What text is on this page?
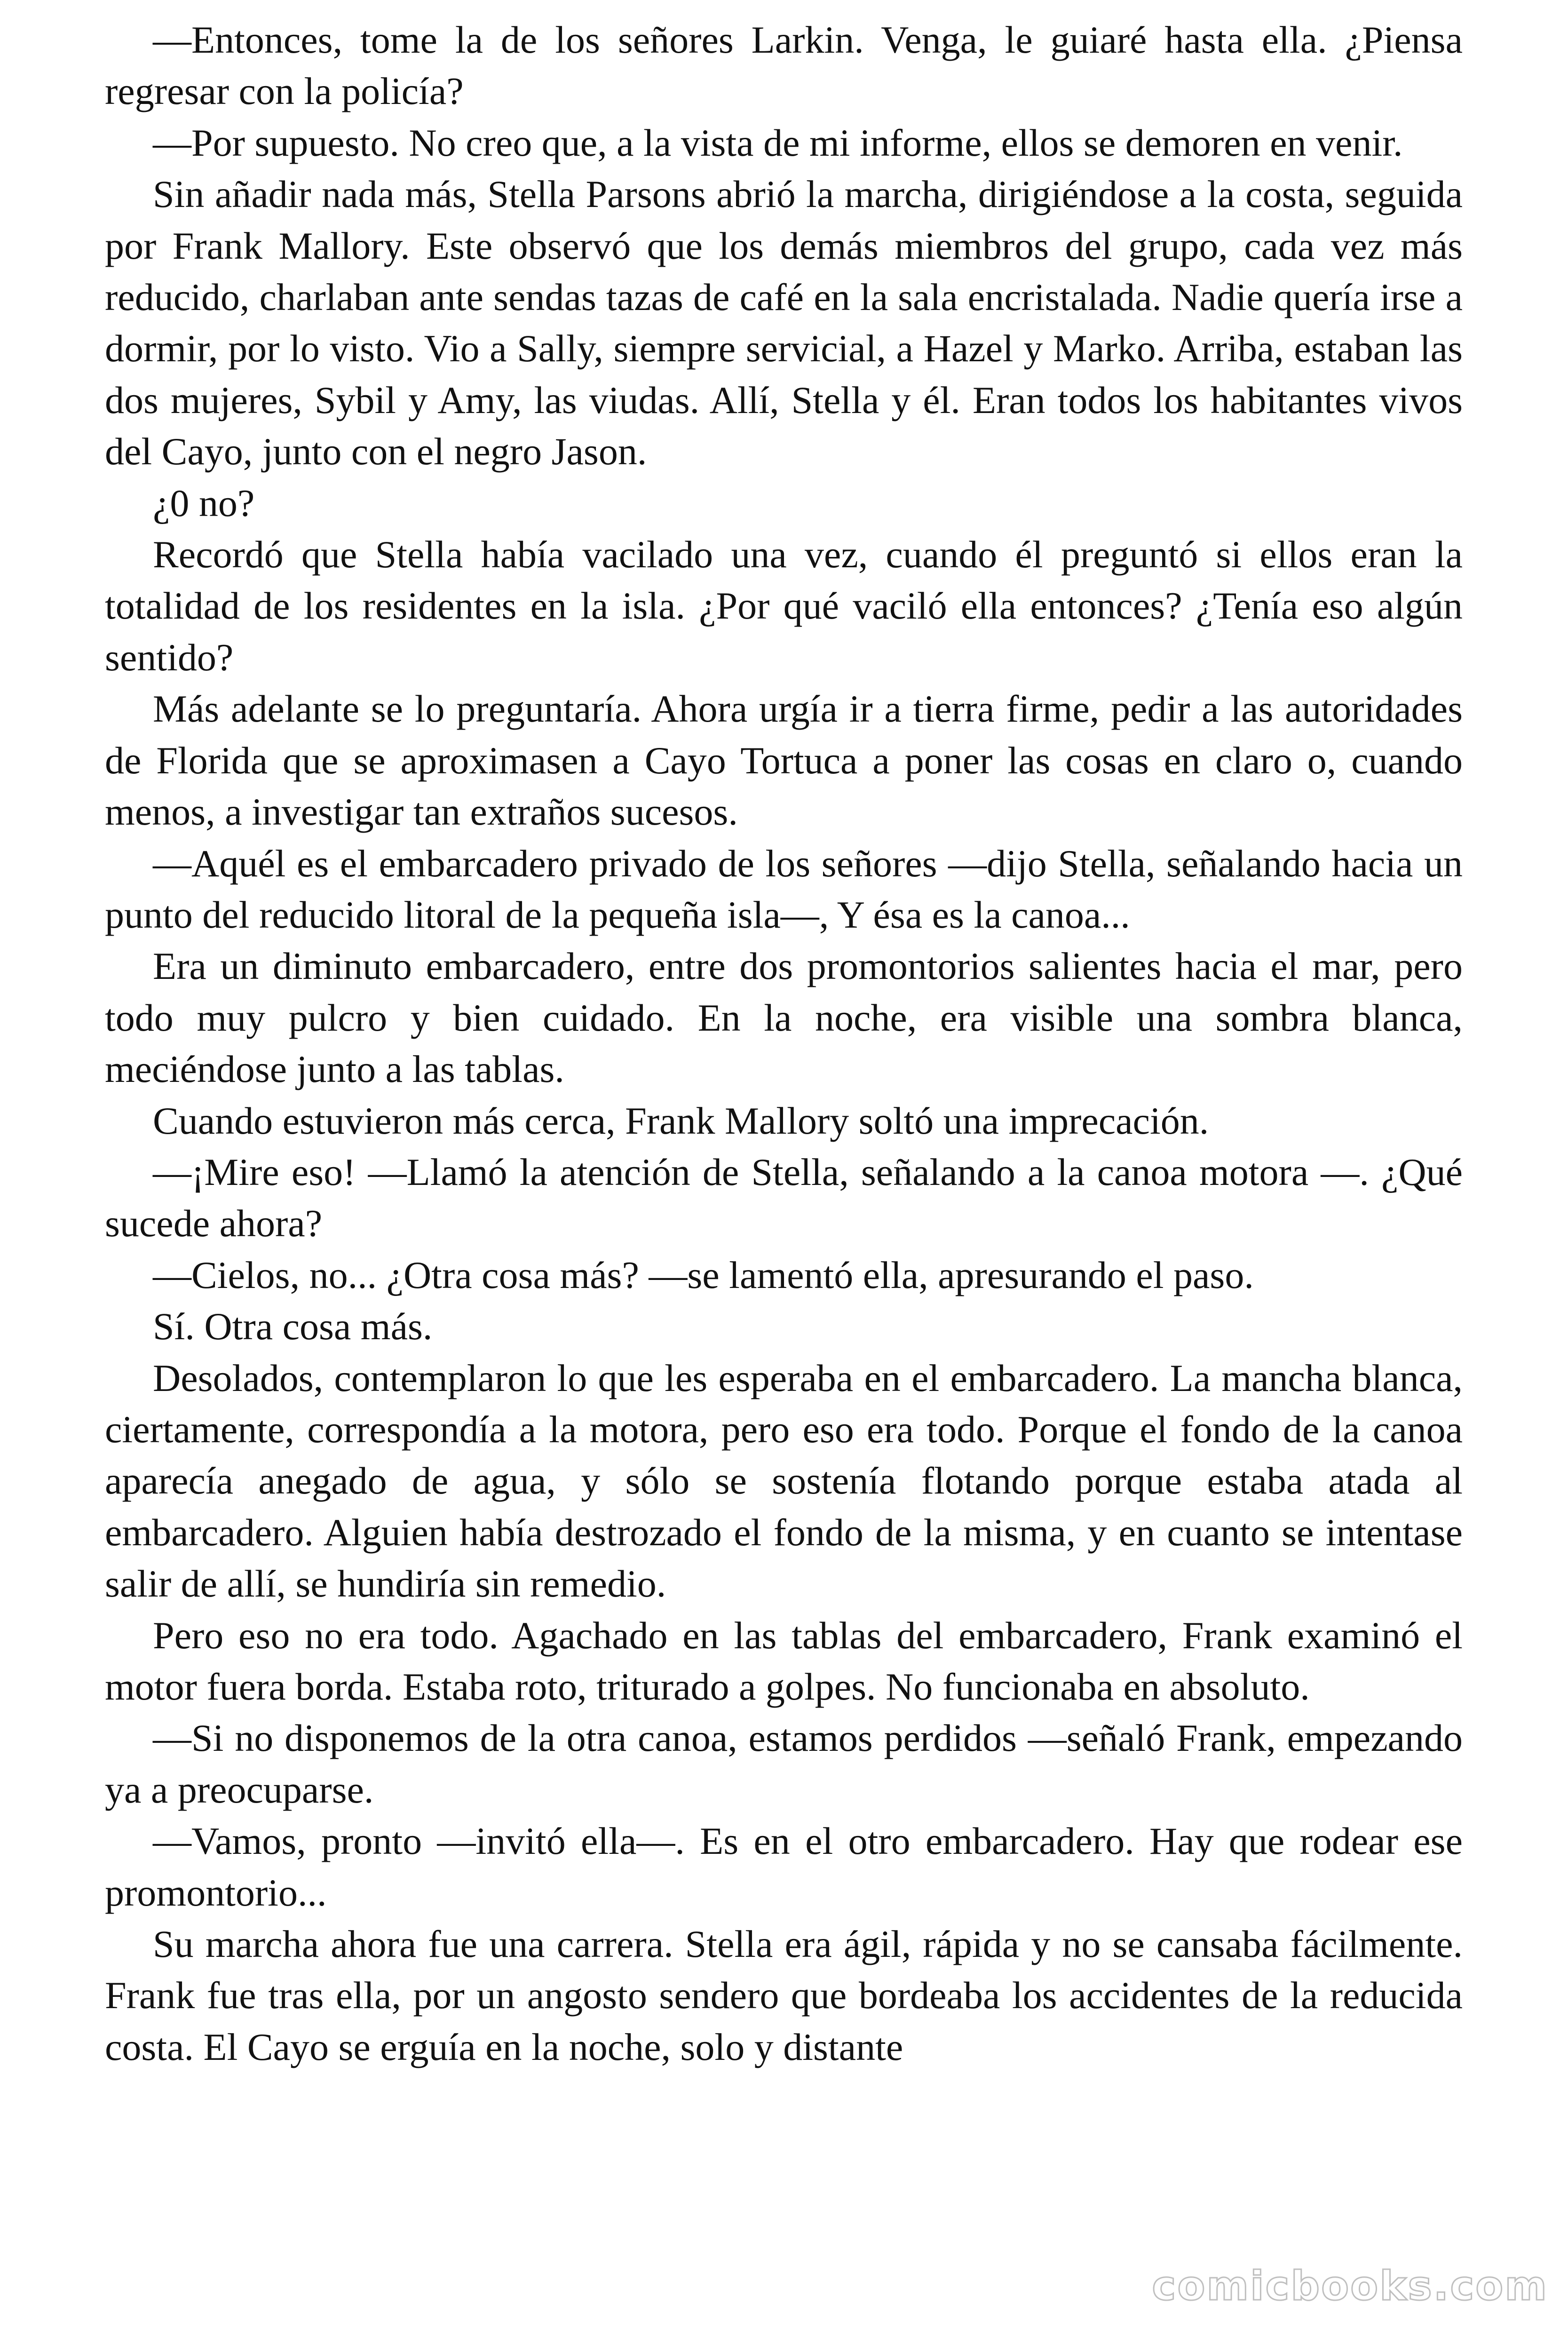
—Entonces, tome la de los señores Larkin. Venga, le guiaré hasta ella. ¿Piensa regresar con la policía?

—Por supuesto. No creo que, a la vista de mi informe, ellos se demoren en venir.

Sin añadir nada más, Stella Parsons abrió la marcha, dirigiéndose a la costa, seguida por Frank Mallory. Este observó que los demás miembros del grupo, cada vez más reducido, charlaban ante sendas tazas de café en la sala encristalada. Nadie quería irse a dormir, por lo visto. Vio a Sally, siempre servicial, a Hazel y Marko. Arriba, estaban las dos mujeres, Sybil y Amy, las viudas. Allí, Stella y él. Eran todos los habitantes vivos del Cayo, junto con el negro Jason.

¿0 no?

Recordó que Stella había vacilado una vez, cuando él preguntó si ellos eran la totalidad de los residentes en la isla. ¿Por qué vaciló ella entonces? ¿Tenía eso algún sentido?

Más adelante se lo preguntaría. Ahora urgía ir a tierra firme, pedir a las autoridades de Florida que se aproximasen a Cayo Tortuca a poner las cosas en claro o, cuando menos, a investigar tan extraños sucesos.

—Aquél es el embarcadero privado de los señores —dijo Stella, señalando hacia un punto del reducido litoral de la pequeña isla—, Y ésa es la canoa...

Era un diminuto embarcadero, entre dos promontorios salientes hacia el mar, pero todo muy pulcro y bien cuidado. En la noche, era visible una sombra blanca, meciéndose junto a las tablas.

Cuando estuvieron más cerca, Frank Mallory soltó una imprecación.

—¡Mire eso! —Llamó la atención de Stella, señalando a la canoa motora —. ¿Qué sucede ahora?

—Cielos, no... ¿Otra cosa más? —se lamentó ella, apresurando el paso.

Sí. Otra cosa más.

Desolados, contemplaron lo que les esperaba en el embarcadero. La mancha blanca, ciertamente, correspondía a la motora, pero eso era todo. Porque el fondo de la canoa aparecía anegado de agua, y sólo se sostenía flotando porque estaba atada al embarcadero. Alguien había destrozado el fondo de la misma, y en cuanto se intentase salir de allí, se hundiría sin remedio.

Pero eso no era todo. Agachado en las tablas del embarcadero, Frank examinó el motor fuera borda. Estaba roto, triturado a golpes. No funcionaba en absoluto.

—Si no disponemos de la otra canoa, estamos perdidos —señaló Frank, empezando ya a preocuparse.

—Vamos, pronto —invitó ella—. Es en el otro embarcadero. Hay que rodear ese promontorio...

Su marcha ahora fue una carrera. Stella era ágil, rápida y no se cansaba fácilmente. Frank fue tras ella, por un angosto sendero que bordeaba los accidentes de la reducida costa. El Cayo se erguía en la noche, solo y distante

comicbooks.com
